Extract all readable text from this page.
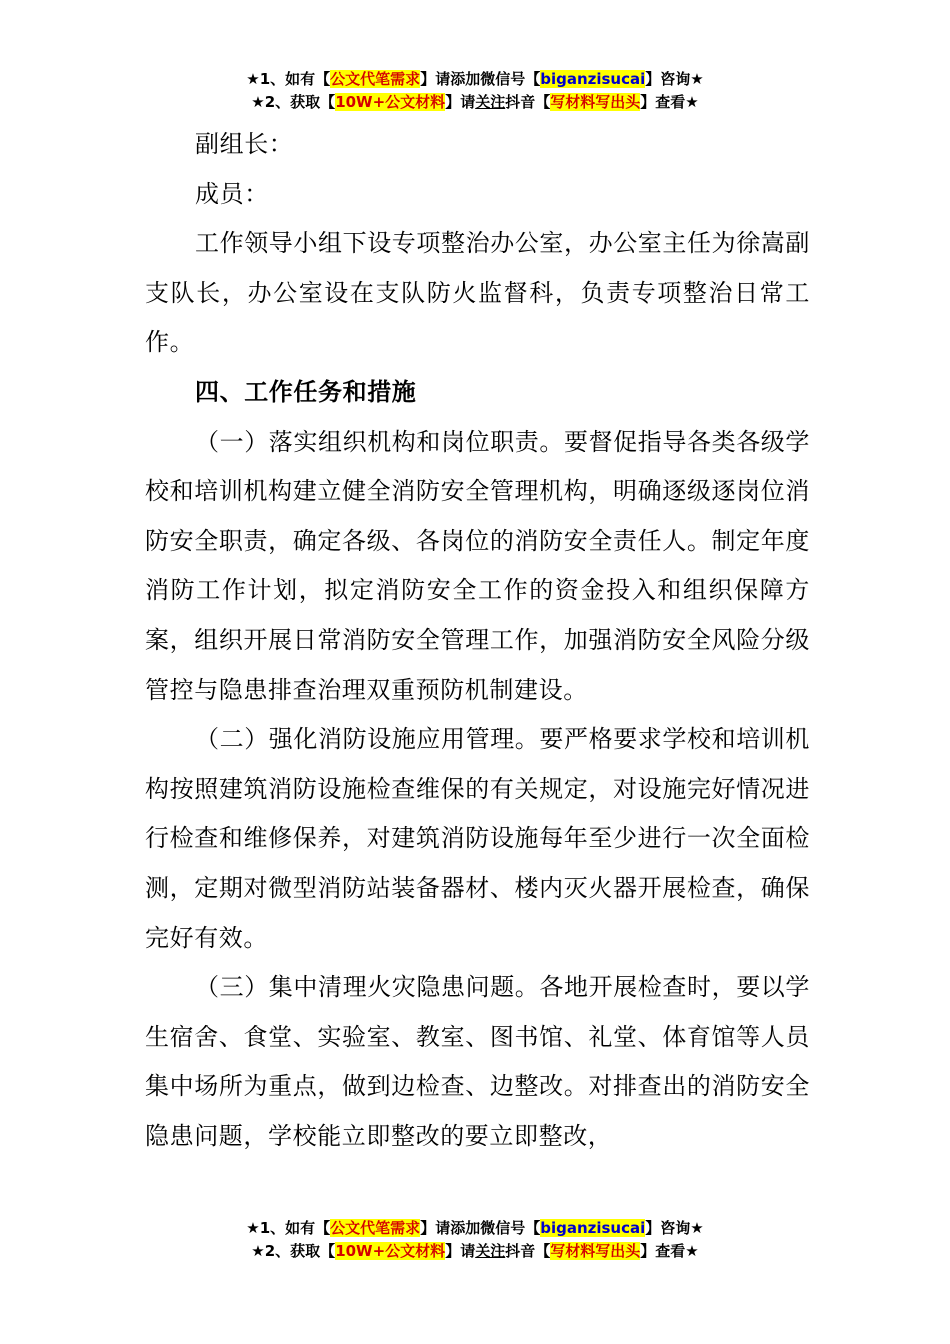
★1、如有【公文代笔需求】请添加微信号【biganzisucai】咨询★
★2、获取【10W+公文材料】请关注抖音【写材料写出头】查看★

副组长：

成员：

工作领导小组下设专项整治办公室，办公室主任为徐嵩副支队长，办公室设在支队防火监督科，负责专项整治日常工作。

四、工作任务和措施

（一）落实组织机构和岗位职责。要督促指导各类各级学校和培训机构建立健全消防安全管理机构，明确逐级逐岗位消防安全职责，确定各级、各岗位的消防安全责任人。制定年度消防工作计划，拟定消防安全工作的资金投入和组织保障方案，组织开展日常消防安全管理工作，加强消防安全风险分级管控与隐患排查治理双重预防机制建设。

（二）强化消防设施应用管理。要严格要求学校和培训机构按照建筑消防设施检查维保的有关规定，对设施完好情况进行检查和维修保养，对建筑消防设施每年至少进行一次全面检测，定期对微型消防站装备器材、楼内灭火器开展检查，确保完好有效。

（三）集中清理火灾隐患问题。各地开展检查时，要以学生宿舍、食堂、实验室、教室、图书馆、礼堂、体育馆等人员集中场所为重点，做到边检查、边整改。对排查出的消防安全隐患问题，学校能立即整改的要立即整改，

★1、如有【公文代笔需求】请添加微信号【biganzisucai】咨询★
★2、获取【10W+公文材料】请关注抖音【写材料写出头】查看★
